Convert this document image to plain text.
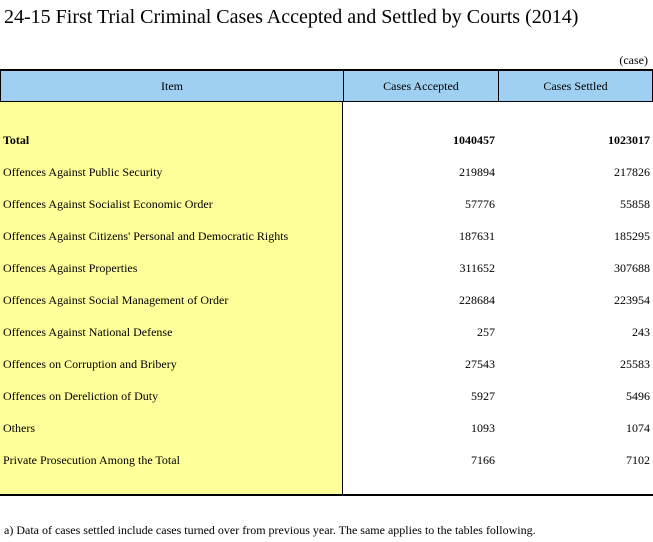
24-15 First Trial Criminal Cases Accepted and Settled by Courts (2014)
(case)
Item	Cases Accepted	Cases Settled
Total	1040457	1023017
Offences Against Public Security	219894	217826
Offences Against Socialist Economic Order	57776	55858
Offences Against Citizens' Personal and Democratic Rights	187631	185295
Offences Against Properties	311652	307688
Offences Against Social Management of Order	228684	223954
Offences Against National Defense	257	243
Offences on Corruption and Bribery	27543	25583
Offences on Dereliction of Duty	5927	5496
Others	1093	1074
Private Prosecution Among the Total	7166	7102
a) Data of cases settled include cases turned over from previous year. The same applies to the tables following.
